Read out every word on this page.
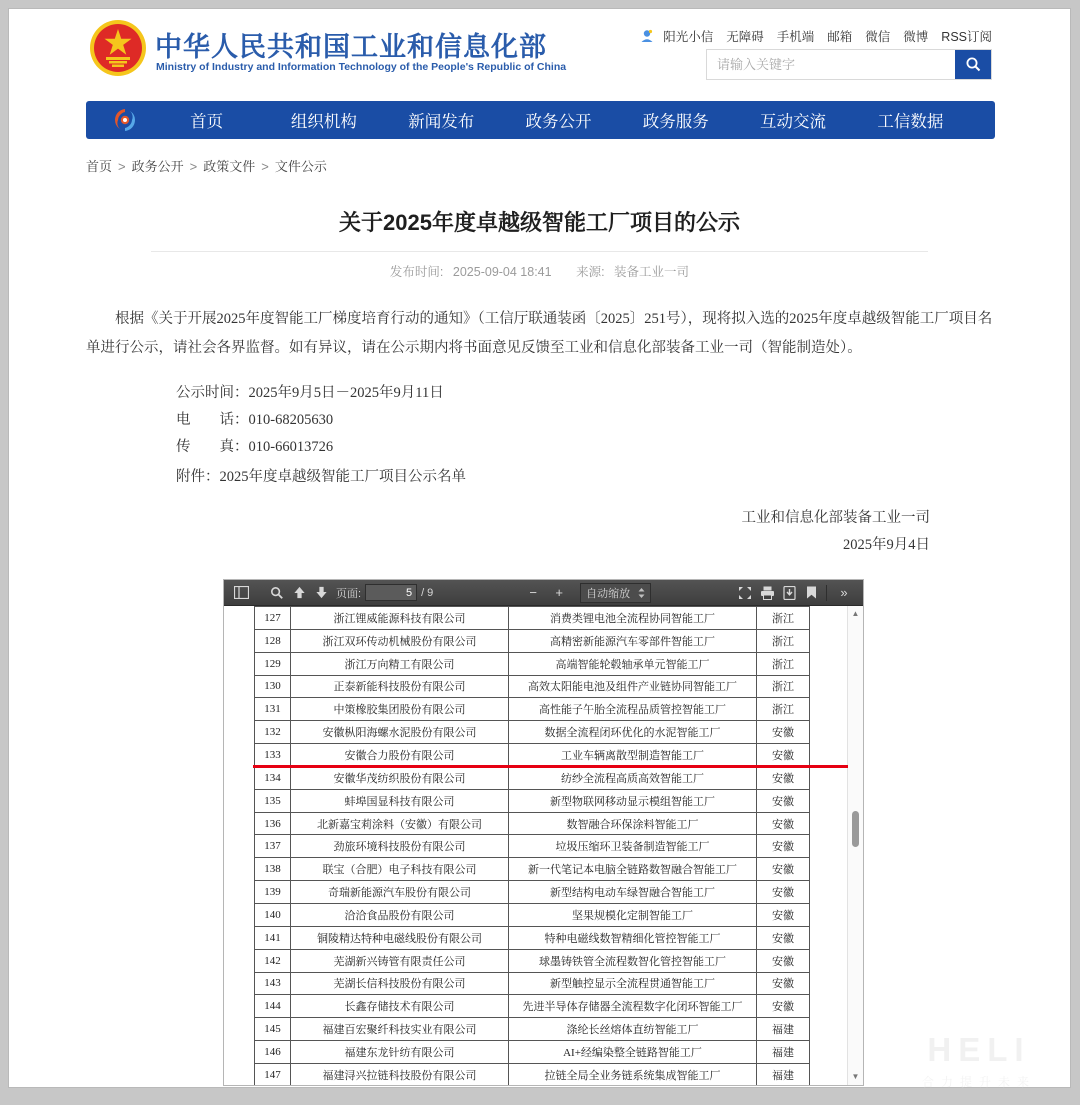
中华人民共和国工业和信息化部
Ministry of Industry and Information Technology of the People's Republic of China
阳光小信 无障碍 手机端 邮箱 微信 微博 RSS订阅
请输入关键字
首页	组织机构	新闻发布	政务公开	政务服务	互动交流	工信数据
首页 > 政务公开 > 政策文件 > 文件公示
关于2025年度卓越级智能工厂项目的公示
发布时间: 2025-09-04 18:41 来源: 装备工业一司
根据《关于开展2025年度智能工厂梯度培育行动的通知》（工信厅联通装函〔2025〕251号），现将拟入选的2025年度卓越级智能工厂项目名单进行公示，请社会各界监督。如有异议，请在公示期内将书面意见反馈至工业和信息化部装备工业一司（智能制造处）。
公示时间：2025年9月5日－2025年9月11日
电　　话：010-68205630
传　　真：010-66013726
附件：2025年度卓越级智能工厂项目公示名单
工业和信息化部装备工业一司
2025年9月4日
页面:
5	/ 9	−	+	自动缩放	»
127	浙江锂威能源科技有限公司	消费类锂电池全流程协同智能工厂	浙江
128	浙江双环传动机械股份有限公司	高精密新能源汽车零部件智能工厂	浙江
129	浙江万向精工有限公司	高端智能轮毂轴承单元智能工厂	浙江
130	正泰新能科技股份有限公司	高效太阳能电池及组件产业链协同智能工厂	浙江
131	中策橡胶集团股份有限公司	高性能子午胎全流程品质管控智能工厂	浙江
132	安徽枞阳海螺水泥股份有限公司	数据全流程闭环优化的水泥智能工厂	安徽
133	安徽合力股份有限公司	工业车辆离散型制造智能工厂	安徽
134	安徽华茂纺织股份有限公司	纺纱全流程高质高效智能工厂	安徽
135	蚌埠国显科技有限公司	新型物联网移动显示模组智能工厂	安徽
136	北新嘉宝莉涂料（安徽）有限公司	数智融合环保涂料智能工厂	安徽
137	劲旅环境科技股份有限公司	垃圾压缩环卫装备制造智能工厂	安徽
138	联宝（合肥）电子科技有限公司	新一代笔记本电脑全链路数智融合智能工厂	安徽
139	奇瑞新能源汽车股份有限公司	新型结构电动车绿智融合智能工厂	安徽
140	洽洽食品股份有限公司	坚果规模化定制智能工厂	安徽
141	铜陵精达特种电磁线股份有限公司	特种电磁线数智精细化管控智能工厂	安徽
142	芜湖新兴铸管有限责任公司	球墨铸铁管全流程数智化管控智能工厂	安徽
143	芜湖长信科技股份有限公司	新型触控显示全流程贯通智能工厂	安徽
144	长鑫存储技术有限公司	先进半导体存储器全流程数字化闭环智能工厂	安徽
145	福建百宏聚纤科技实业有限公司	涤纶长丝熔体直纺智能工厂	福建
146	福建东龙针纺有限公司	AI+经编染整全链路智能工厂	福建
147	福建浔兴拉链科技股份有限公司	拉链全局全业务链系统集成智能工厂	福建
▲
▼
HELI
合力提升未来
